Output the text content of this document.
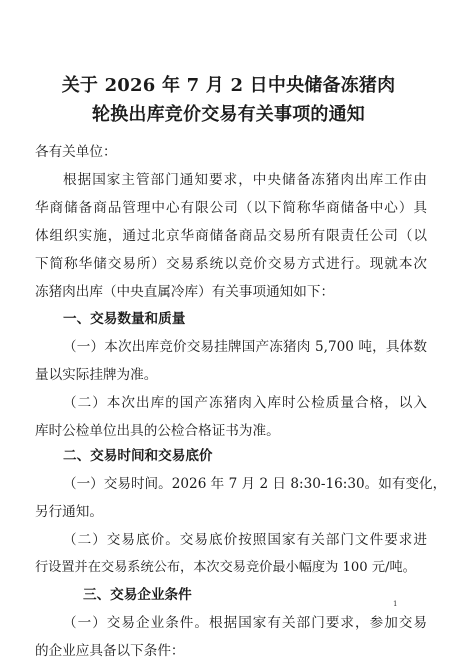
关于 2026 年 7 月 2 日中央储备冻猪肉
轮换出库竞价交易有关事项的通知
各有关单位：
根据国家主管部门通知要求，中央储备冻猪肉出库工作由
华商储备商品管理中心有限公司（以下简称华商储备中心）具
体组织实施，通过北京华商储备商品交易所有限责任公司（以
下简称华储交易所）交易系统以竞价交易方式进行。现就本次
冻猪肉出库（中央直属冷库）有关事项通知如下：
一、交易数量和质量
（一）本次出库竞价交易挂牌国产冻猪肉 5,700 吨，具体数
量以实际挂牌为准。
（二）本次出库的国产冻猪肉入库时公检质量合格，以入
库时公检单位出具的公检合格证书为准。
二、交易时间和交易底价
（一）交易时间。2026 年 7 月 2 日 8:30-16:30。如有变化，
另行通知。
（二）交易底价。交易底价按照国家有关部门文件要求进
行设置并在交易系统公布，本次交易竞价最小幅度为 100 元/吨。
三、交易企业条件
（一）交易企业条件。根据国家有关部门要求，参加交易
的企业应具备以下条件：
1
